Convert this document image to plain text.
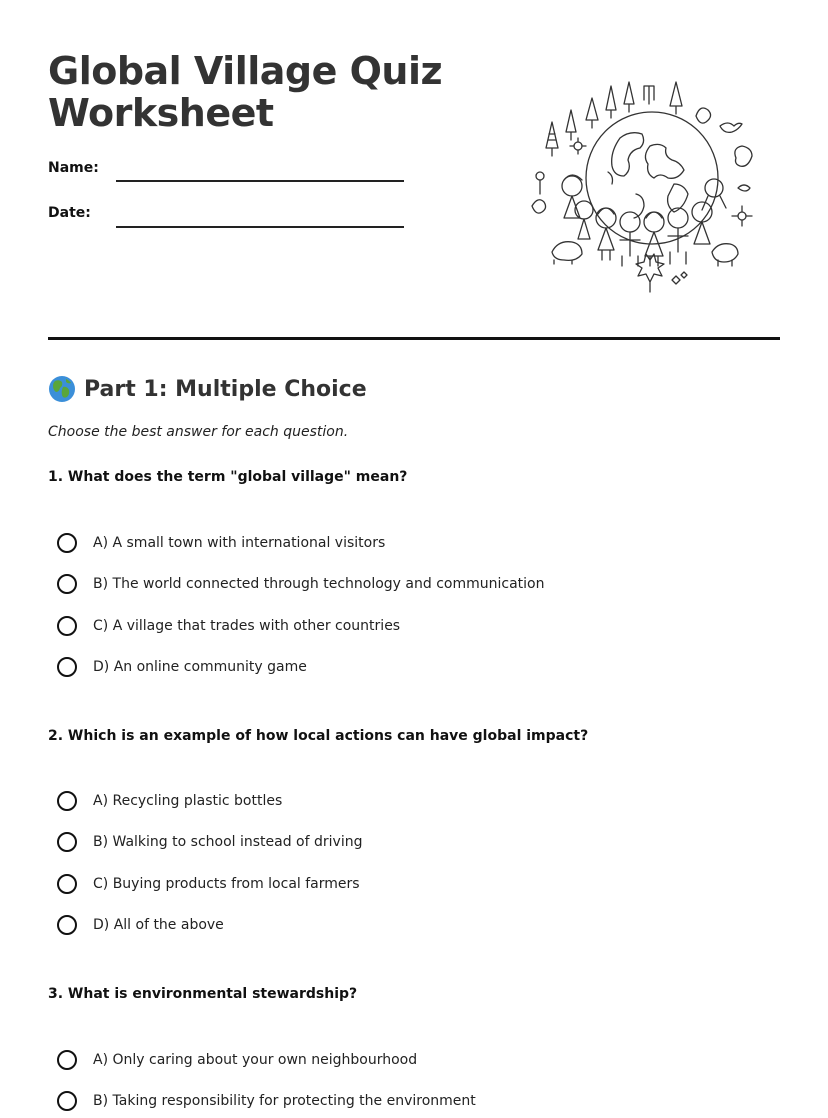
Global Village Quiz
Worksheet
Name:
Date:
Part 1: Multiple Choice
Choose the best answer for each question.
1. What does the term "global village" mean?
A) A small town with international visitors
B) The world connected through technology and communication
C) A village that trades with other countries
D) An online community game
2. Which is an example of how local actions can have global impact?
A) Recycling plastic bottles
B) Walking to school instead of driving
C) Buying products from local farmers
D) All of the above
3. What is environmental stewardship?
A) Only caring about your own neighbourhood
B) Taking responsibility for protecting the environment
